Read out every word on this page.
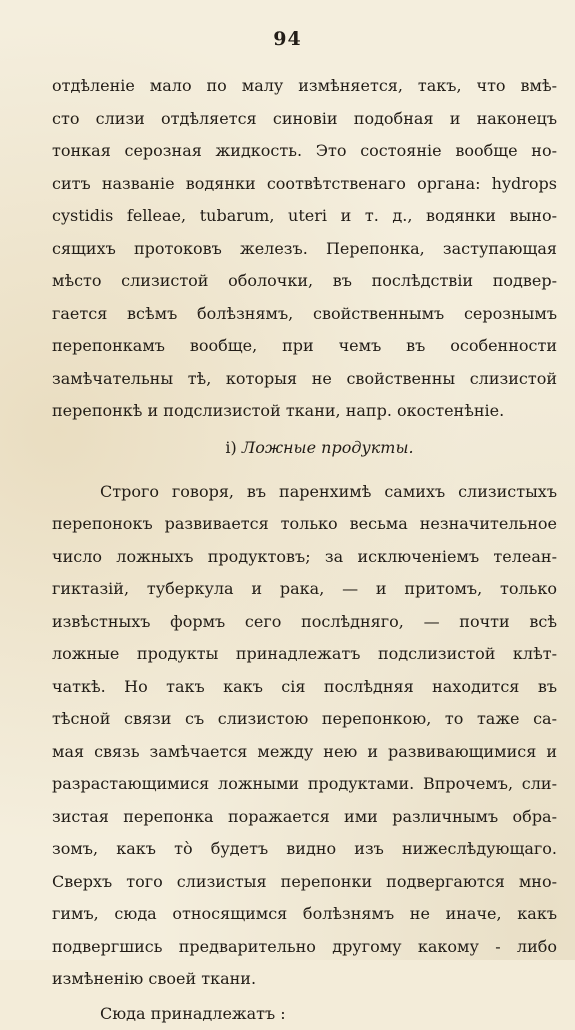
94
отдѣленіе мало по малу измѣняется, такъ, что вмѣ-
сто слизи отдѣляется синовіи подобная и наконецъ
тонкая серозная жидкость. Это состояніе вообще но-
ситъ названіе водянки соотвѣтственаго органа: hydrops
cystidis felleae, tubarum, uteri и т. д., водянки выно-
сящихъ протоковъ железъ. Перепонка, заступающая
мѣсто слизистой оболочки, въ послѣдствіи подвер-
гается всѣмъ болѣзнямъ, свойственнымъ серознымъ
перепонкамъ вообще, при чемъ въ особенности
замѣчательны тѣ, которыя не свойственны слизистой
перепонкѣ и подслизистой ткани, напр. окостенѣніе.
i) Ложные продукты.
Строго говоря, въ паренхимѣ самихъ слизистыхъ
перепонокъ развивается только весьма незначительное
число ложныхъ продуктовъ; за исключеніемъ телеан-
гиктазій, туберкула и рака, — и притомъ, только
извѣстныхъ формъ сего послѣдняго, — почти всѣ
ложные продукты принадлежатъ подслизистой клѣт-
чаткѣ. Но такъ какъ сія послѣдняя находится въ
тѣсной связи съ слизистою перепонкою, то таже са-
мая связь замѣчается между нею и развивающимися и
разрастающимися ложными продуктами. Впрочемъ, сли-
зистая перепонка поражается ими различнымъ обра-
зомъ, какъ то̀ будетъ видно изъ нижеслѣдующаго.
Сверхъ того слизистыя перепонки подвергаются мно-
гимъ, сюда относящимся болѣзнямъ не иначе, какъ
подвергшись предварительно другому какому - либо
измѣненію своей ткани.
Сюда принадлежатъ :
